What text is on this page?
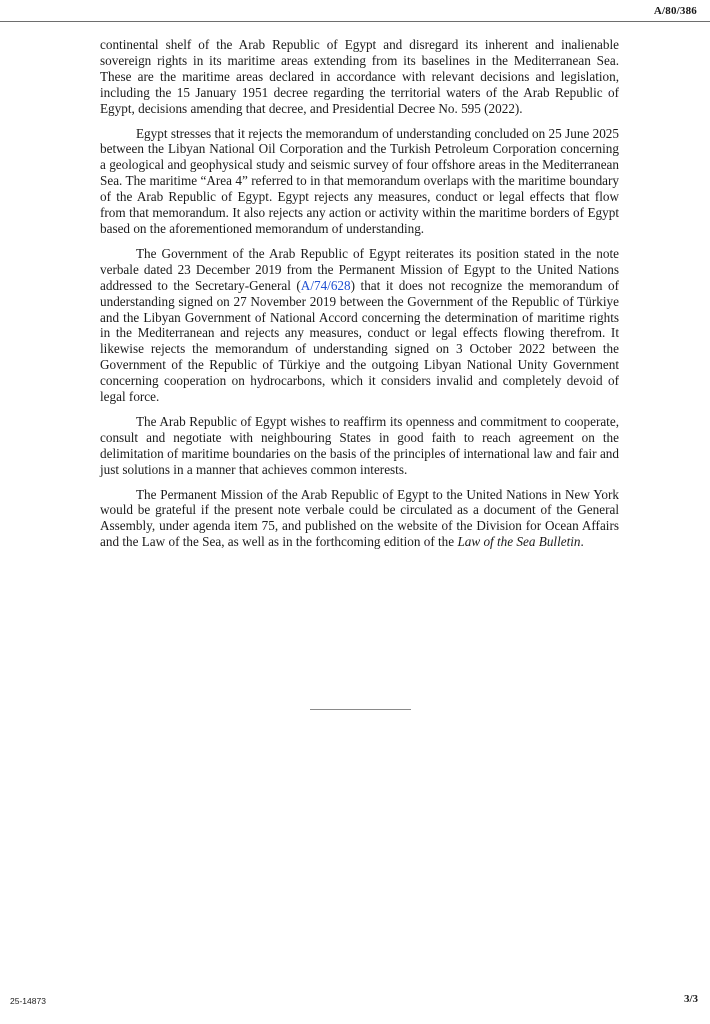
A/80/386

continental shelf of the Arab Republic of Egypt and disregard its inherent and inalienable sovereign rights in its maritime areas extending from its baselines in the Mediterranean Sea. These are the maritime areas declared in accordance with relevant decisions and legislation, including the 15 January 1951 decree regarding the territorial waters of the Arab Republic of Egypt, decisions amending that decree, and Presidential Decree No. 595 (2022).

Egypt stresses that it rejects the memorandum of understanding concluded on 25 June 2025 between the Libyan National Oil Corporation and the Turkish Petroleum Corporation concerning a geological and geophysical study and seismic survey of four offshore areas in the Mediterranean Sea. The maritime “Area 4” referred to in that memorandum overlaps with the maritime boundary of the Arab Republic of Egypt. Egypt rejects any measures, conduct or legal effects that flow from that memorandum. It also rejects any action or activity within the maritime borders of Egypt based on the aforementioned memorandum of understanding.

The Government of the Arab Republic of Egypt reiterates its position stated in the note verbale dated 23 December 2019 from the Permanent Mission of Egypt to the United Nations addressed to the Secretary-General (A/74/628) that it does not recognize the memorandum of understanding signed on 27 November 2019 between the Government of the Republic of Türkiye and the Libyan Government of National Accord concerning the determination of maritime rights in the Mediterranean and rejects any measures, conduct or legal effects flowing therefrom. It likewise rejects the memorandum of understanding signed on 3 October 2022 between the Government of the Republic of Türkiye and the outgoing Libyan National Unity Government concerning cooperation on hydrocarbons, which it considers invalid and completely devoid of legal force.

The Arab Republic of Egypt wishes to reaffirm its openness and commitment to cooperate, consult and negotiate with neighbouring States in good faith to reach agreement on the delimitation of maritime boundaries on the basis of the principles of international law and fair and just solutions in a manner that achieves common interests.

The Permanent Mission of the Arab Republic of Egypt to the United Nations in New York would be grateful if the present note verbale could be circulated as a document of the General Assembly, under agenda item 75, and published on the website of the Division for Ocean Affairs and the Law of the Sea, as well as in the forthcoming edition of the Law of the Sea Bulletin.

25-14873	3/3
